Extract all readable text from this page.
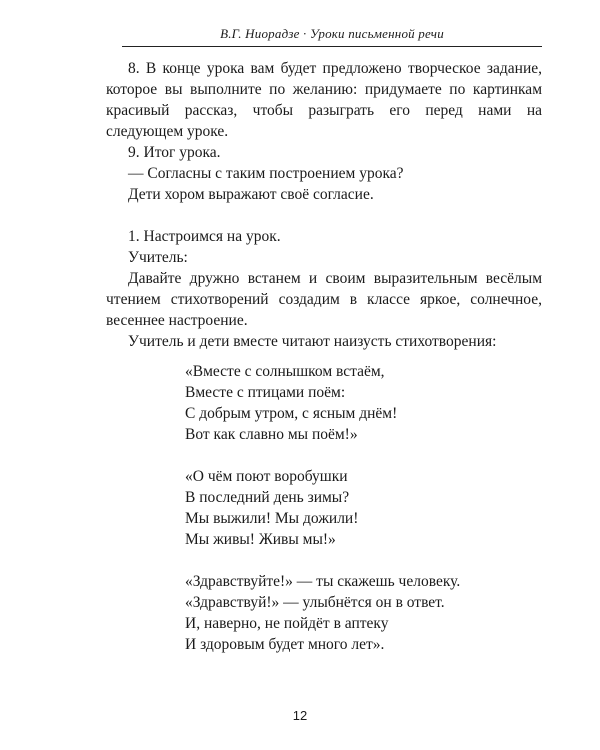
В.Г. Ниорадзе · Уроки письменной речи

8. В конце урока вам будет предложено творческое задание, которое вы выполните по желанию: придумаете по картинкам красивый рассказ, чтобы разыграть его перед нами на следующем уроке.

9. Итог урока.

— Согласны с таким построением урока?

Дети хором выражают своё согласие.

1. Настроимся на урок.

Учитель:

Давайте дружно встанем и своим выразительным весёлым чтением стихотворений создадим в классе яркое, солнечное, весеннее настроение.

Учитель и дети вместе читают наизусть стихотворения:

«Вместе с солнышком встаём,
Вместе с птицами поём:
С добрым утром, с ясным днём!
Вот как славно мы поём!»
«О чём поют воробушки
В последний день зимы?
Мы выжили! Мы дожили!
Мы живы! Живы мы!»
«Здравствуйте!» — ты скажешь человеку.
«Здравствуй!» — улыбнётся он в ответ.
И, наверно, не пойдёт в аптеку
И здоровым будет много лет».
12
